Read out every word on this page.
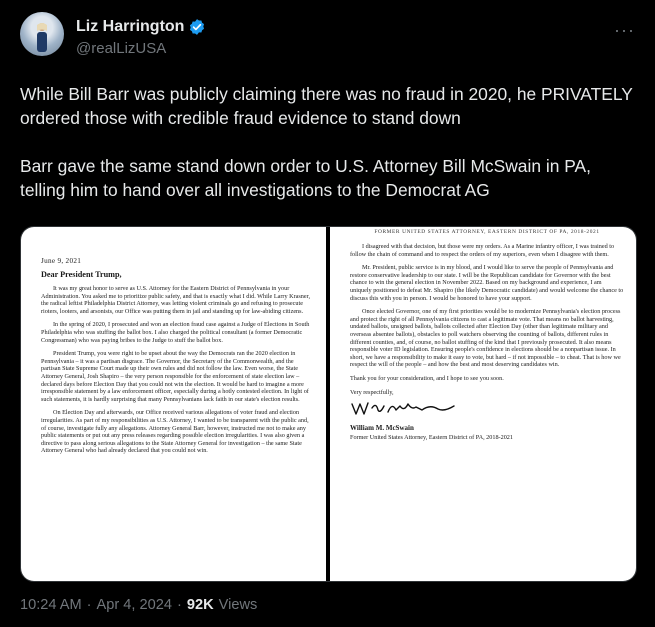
Liz Harrington
@realLizUSA
···

While Bill Barr was publicly claiming there was no fraud in 2020, he PRIVATELY ordered those with credible fraud evidence to stand down

Barr gave the same stand down order to U.S. Attorney Bill McSwain in PA, telling him to hand over all investigations to the Democrat AG

June 9, 2021
Dear President Trump,
It was my great honor to serve as U.S. Attorney for the Eastern District of Pennsylvania in your Administration. You asked me to prioritize public safety, and that is exactly what I did. While Larry Krasner, the radical leftist Philadelphia District Attorney, was letting violent criminals go and refusing to prosecute rioters, looters, and arsonists, our Office was putting them in jail and standing up for law-abiding citizens.
In the spring of 2020, I prosecuted and won an election fraud case against a Judge of Elections in South Philadelphia who was stuffing the ballot box. I also charged the political consultant (a former Democratic Congressman) who was paying bribes to the Judge to stuff the ballot box.
President Trump, you were right to be upset about the way the Democrats ran the 2020 election in Pennsylvania – it was a partisan disgrace. The Governor, the Secretary of the Commonwealth, and the partisan State Supreme Court made up their own rules and did not follow the law. Even worse, the State Attorney General, Josh Shapiro – the very person responsible for the enforcement of state election law – declared days before Election Day that you could not win the election. It would be hard to imagine a more irresponsible statement by a law enforcement officer, especially during a hotly contested election. In light of such statements, it is hardly surprising that many Pennsylvanians lack faith in our state's election results.
On Election Day and afterwards, our Office received various allegations of voter fraud and election irregularities. As part of my responsibilities as U.S. Attorney, I wanted to be transparent with the public and, of course, investigate fully any allegations. Attorney General Barr, however, instructed me not to make any public statements or put out any press releases regarding possible election irregularities. I was also given a directive to pass along serious allegations to the State Attorney General for investigation – the same State Attorney General who had already declared that you could not win.
FORMER UNITED STATES ATTORNEY, EASTERN DISTRICT OF PA, 2018-2021
I disagreed with that decision, but those were my orders. As a Marine infantry officer, I was trained to follow the chain of command and to respect the orders of my superiors, even when I disagree with them.
Mr. President, public service is in my blood, and I would like to serve the people of Pennsylvania and restore conservative leadership to our state. I will be the Republican candidate for Governor with the best chance to win the general election in November 2022. Based on my background and experience, I am uniquely positioned to defeat Mr. Shapiro (the likely Democratic candidate) and would welcome the chance to discuss this with you in person. I would be honored to have your support.
Once elected Governor, one of my first priorities would be to modernize Pennsylvania's election process and protect the right of all Pennsylvania citizens to cast a legitimate vote. That means no ballot harvesting, undated ballots, unsigned ballots, ballots collected after Election Day (other than legitimate military and overseas absentee ballots), obstacles to poll watchers observing the counting of ballots, different rules in different counties, and, of course, no ballot stuffing of the kind that I previously prosecuted. It also means responsible voter ID legislation. Ensuring people's confidence in elections should be a nonpartisan issue. In short, we have a responsibility to make it easy to vote, but hard – if not impossible – to cheat. That is how we respect the will of the people – and how the best and most deserving candidates win.
Thank you for your consideration, and I hope to see you soon.
Very respectfully,
William M. McSwain
Former United States Attorney, Eastern District of PA, 2018-2021
10:24 AM · Apr 4, 2024 · 92K Views
